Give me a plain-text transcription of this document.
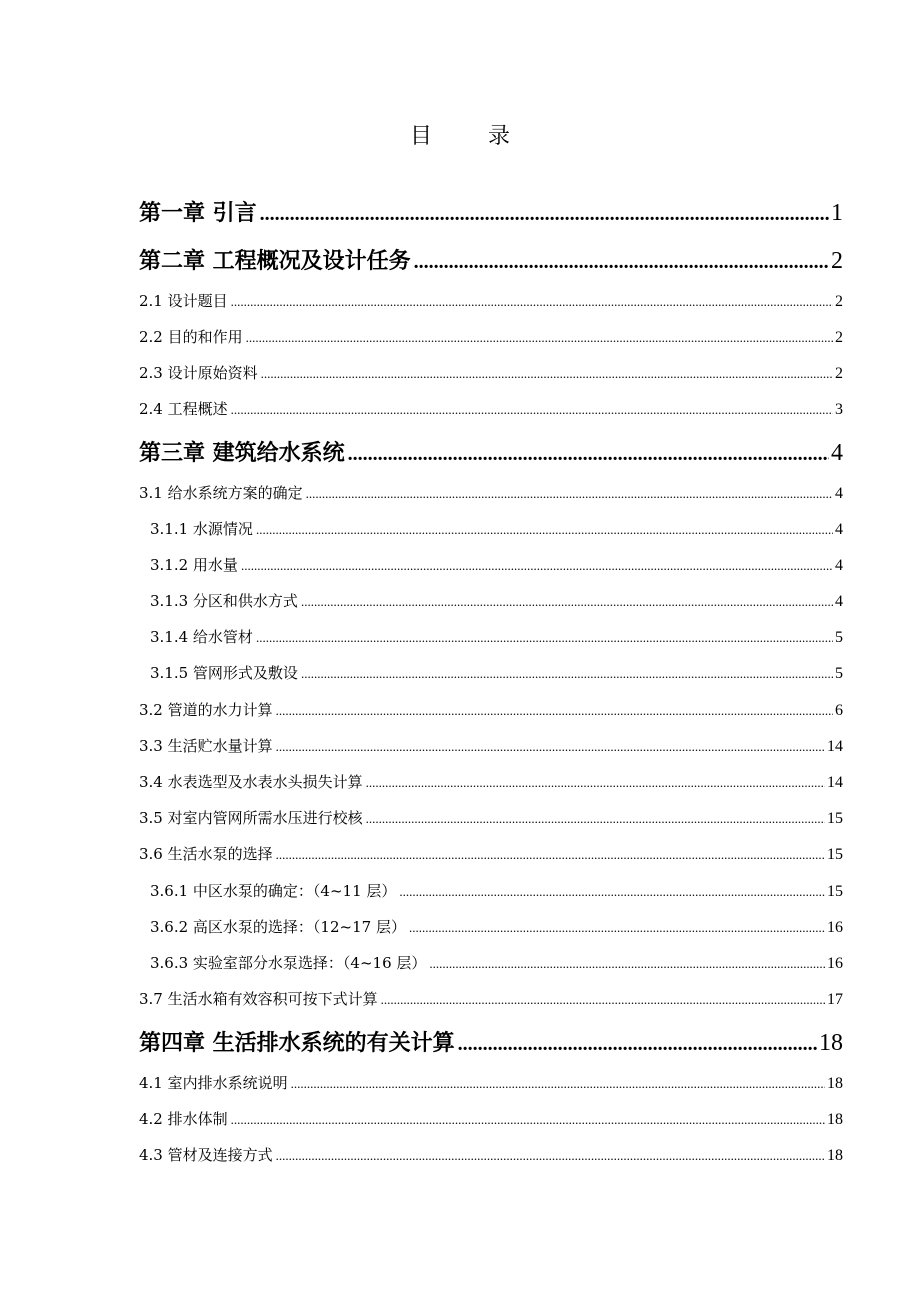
目	录
第一章 引言 .....	1
第二章 工程概况及设计任务 .....	2
2.1 设计题目 .....	2
2.2 目的和作用 .....	2
2.3 设计原始资料 .....	2
2.4 工程概述 .....	3
第三章 建筑给水系统 .....	4
3.1 给水系统方案的确定 .....	4
3.1.1 水源情况 .....	4
3.1.2 用水量 .....	4
3.1.3 分区和供水方式 .....	4
3.1.4 给水管材 .....	5
3.1.5 管网形式及敷设 .....	5
3.2 管道的水力计算 .....	6
3.3 生活贮水量计算 .....	14
3.4 水表选型及水表水头损失计算 .....	14
3.5 对室内管网所需水压进行校核 .....	15
3.6 生活水泵的选择 .....	15
3.6.1 中区水泵的确定：（4~11 层） .....	15
3.6.2 高区水泵的选择：（12~17 层） .....	16
3.6.3 实验室部分水泵选择：（4~16 层） .....	16
3.7 生活水箱有效容积可按下式计算 .....	17
第四章 生活排水系统的有关计算 .....	18
4.1 室内排水系统说明 .....	18
4.2 排水体制 .....	18
4.3 管材及连接方式 .....	18
